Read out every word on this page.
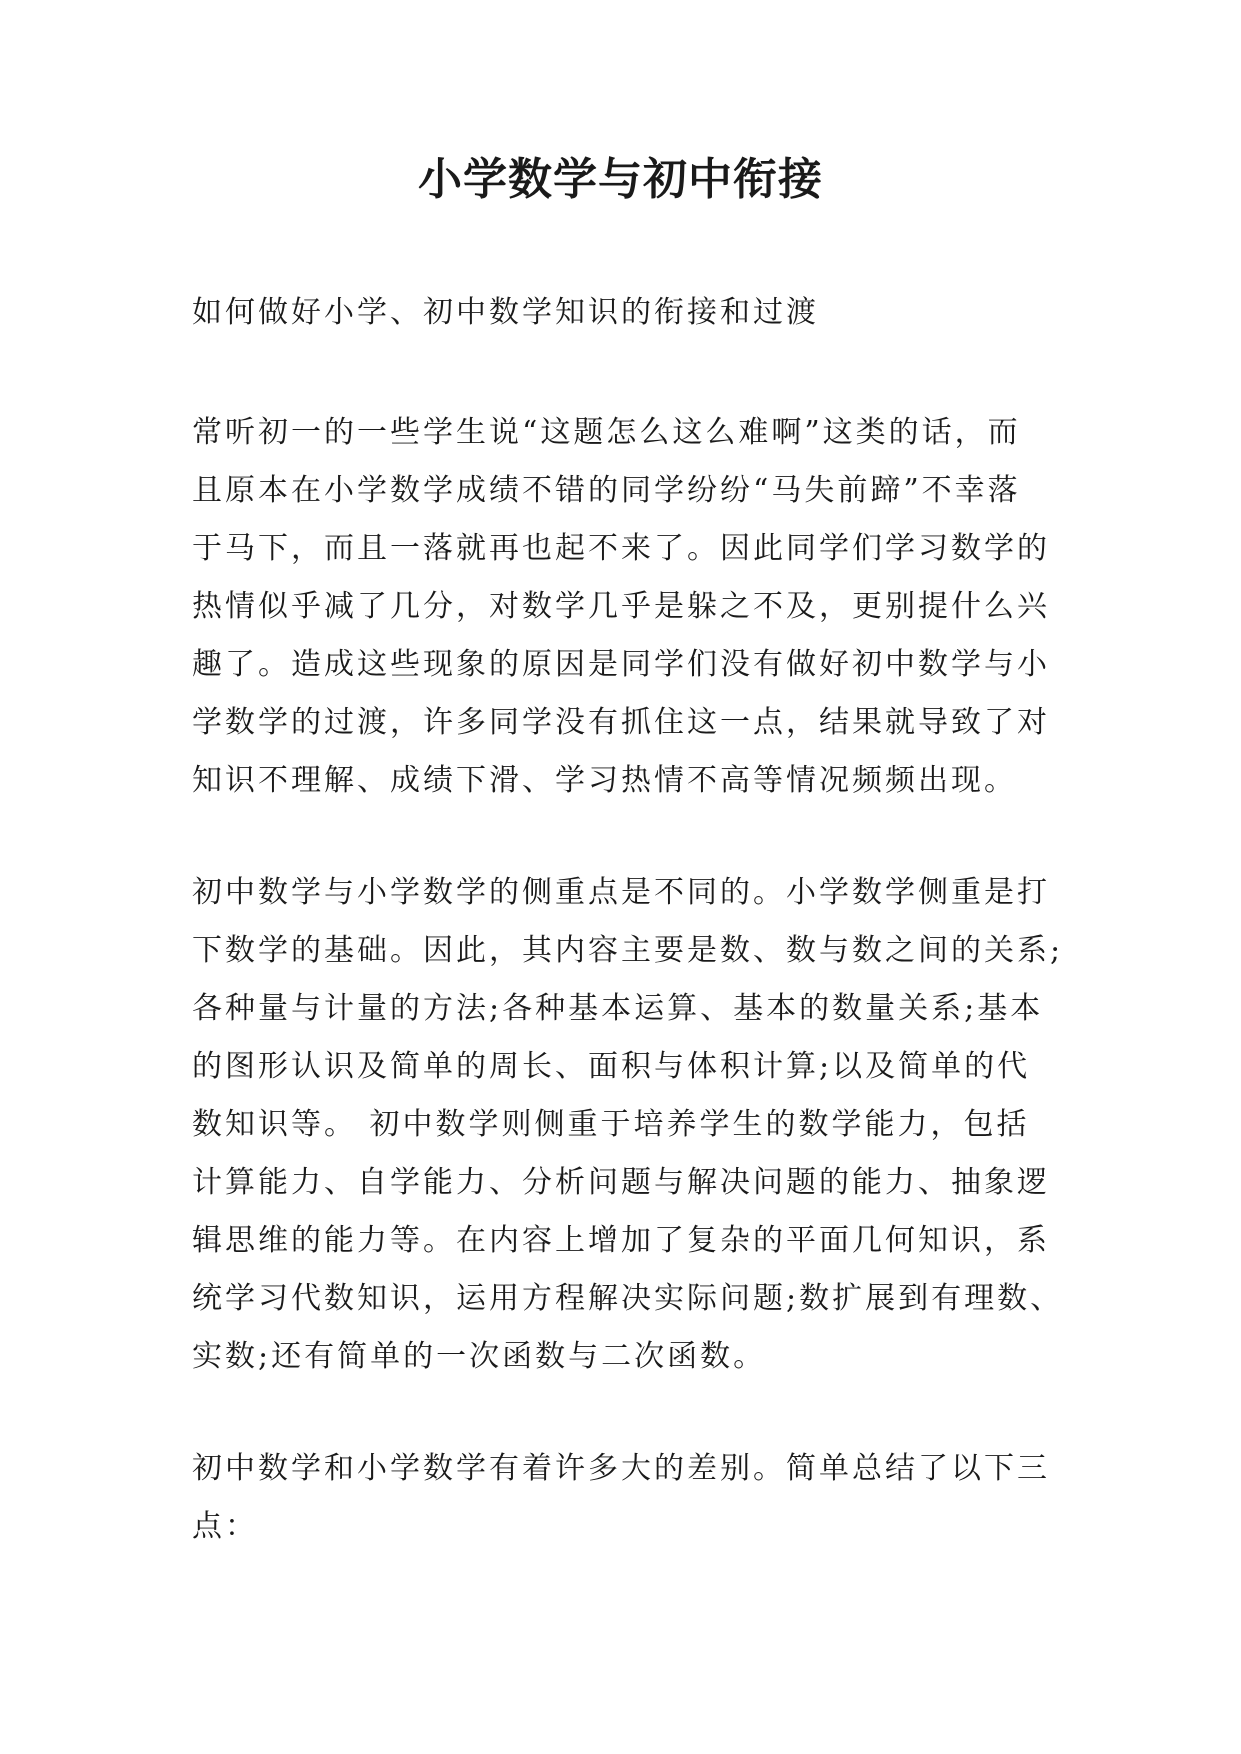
小学数学与初中衔接

如何做好小学、初中数学知识的衔接和过渡

常听初一的一些学生说“这题怎么这么难啊”这类的话，而
且原本在小学数学成绩不错的同学纷纷“马失前蹄”不幸落
于马下，而且一落就再也起不来了。因此同学们学习数学的
热情似乎减了几分，对数学几乎是躲之不及，更别提什么兴
趣了。造成这些现象的原因是同学们没有做好初中数学与小
学数学的过渡，许多同学没有抓住这一点，结果就导致了对
知识不理解、成绩下滑、学习热情不高等情况频频出现。

初中数学与小学数学的侧重点是不同的。小学数学侧重是打
下数学的基础。因此，其内容主要是数、数与数之间的关系;
各种量与计量的方法;各种基本运算、基本的数量关系;基本
的图形认识及简单的周长、面积与体积计算;以及简单的代
数知识等。 初中数学则侧重于培养学生的数学能力，包括
计算能力、自学能力、分析问题与解决问题的能力、抽象逻
辑思维的能力等。在内容上增加了复杂的平面几何知识，系
统学习代数知识，运用方程解决实际问题;数扩展到有理数、
实数;还有简单的一次函数与二次函数。

初中数学和小学数学有着许多大的差别。简单总结了以下三
点：
